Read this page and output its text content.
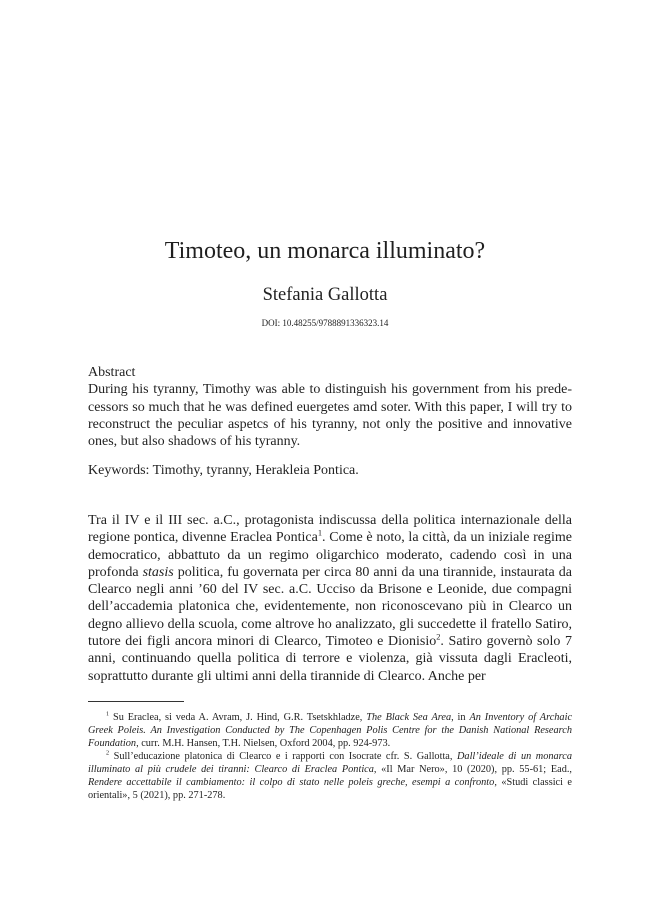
Timoteo, un monarca illuminato?
Stefania Gallotta
DOI: 10.48255/9788891336323.14

Abstract

During his tyranny, Timothy was able to distinguish his government from his predecessors so much that he was defined euergetes amd soter. With this paper, I will try to reconstruct the peculiar aspetcs of his tyranny, not only the positive and innovative ones, but also shadows of his tyranny.

Keywords: Timothy, tyranny, Herakleia Pontica.

Tra il IV e il III sec. a.C., protagonista indiscussa della politica internazionale della regione pontica, divenne Eraclea Pontica$^1$. Come è noto, la città, da un iniziale regime democratico, abbattuto da un regimo oligarchico moderato, cadendo così in una profonda stasis politica, fu governata per circa 80 anni da una tirannide, instaurata da Clearco negli anni ’60 del IV sec. a.C. Ucciso da Brisone e Leonide, due compagni dell’accademia platonica che, evidentemente, non riconoscevano più in Clearco un degno allievo della scuola, come altrove ho analizzato, gli succedette il fratello Satiro, tutore dei figli ancora minori di Clearco, Timoteo e Dionisio$^2$. Satiro governò solo 7 anni, continuando quella politica di terrore e violenza, già vissuta dagli Eracleoti, soprattutto durante gli ultimi anni della tirannide di Clearco. Anche per

$^1$ Su Eraclea, si veda A. Avram, J. Hind, G.R. Tsetskhladze, The Black Sea Area, in An Inventory of Archaic Greek Poleis. An Investigation Conducted by The Copenhagen Polis Centre for the Danish National Research Foundation, curr. M.H. Hansen, T.H. Nielsen, Oxford 2004, pp. 924-973.

$^2$ Sull’educazione platonica di Clearco e i rapporti con Isocrate cfr. S. Gallotta, Dall’ideale di un monarca illuminato al più crudele dei tiranni: Clearco di Eraclea Pontica, «Il Mar Nero», 10 (2020), pp. 55-61; Ead., Rendere accettabile il cambiamento: il colpo di stato nelle poleis greche, esempi a confronto, «Studi classici e orientali», 5 (2021), pp. 271-278.
